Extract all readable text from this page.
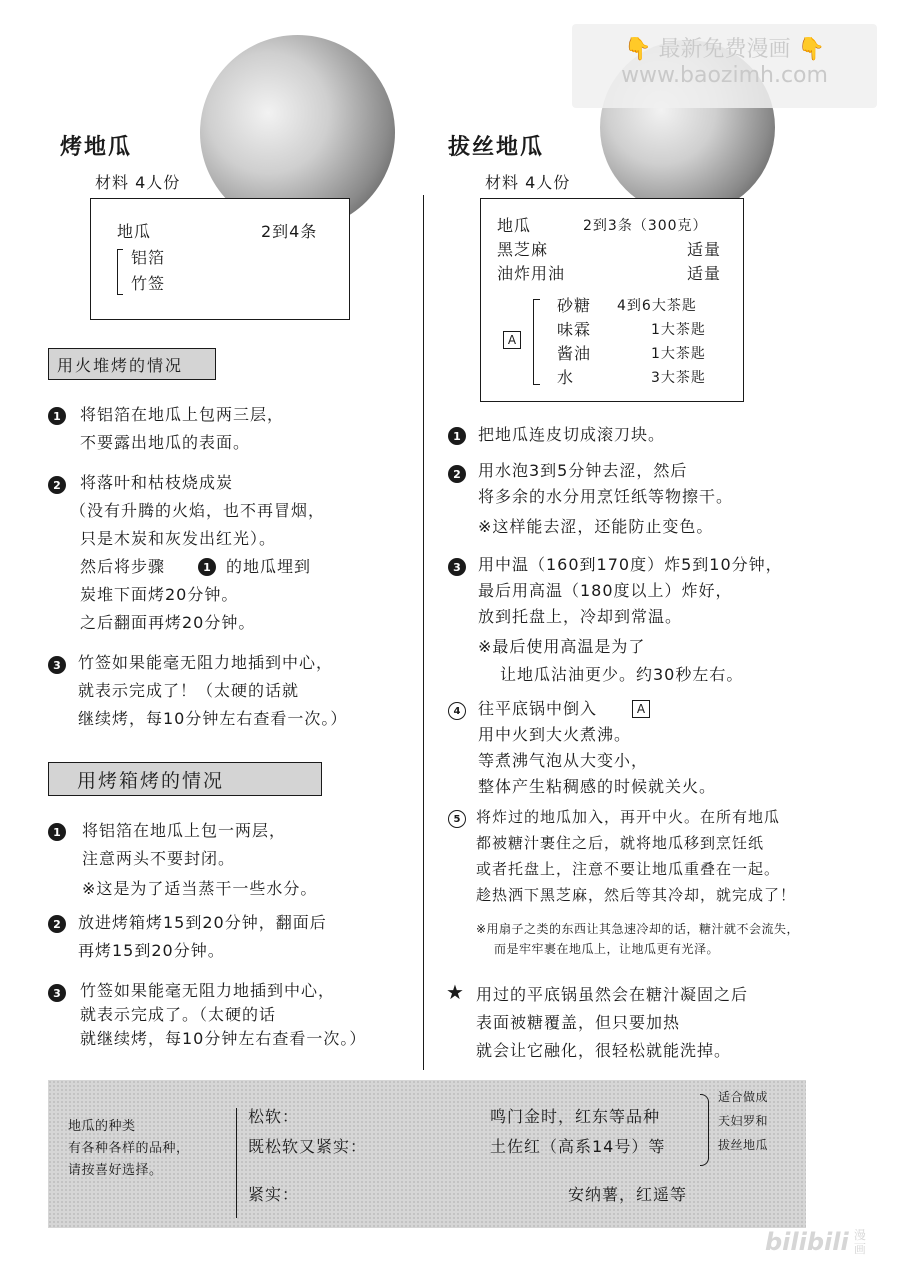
👇 最新免费漫画 👇
www.baozimh.com
烤地瓜
材料 4人份
地瓜	2到4条
铝箔
竹签
用火堆烤的情况
1	将铝箔在地瓜上包两三层，
不要露出地瓜的表面。
2	将落叶和枯枝烧成炭
（没有升腾的火焰，也不再冒烟，
只是木炭和灰发出红光）。
然后将步骤	1 的地瓜埋到
炭堆下面烤20分钟。
之后翻面再烤20分钟。
3	竹签如果能毫无阻力地插到中心，
就表示完成了！（太硬的话就
继续烤，每10分钟左右查看一次。）
用烤箱烤的情况
1	将铝箔在地瓜上包一两层，
注意两头不要封闭。
※这是为了适当蒸干一些水分。
2	放进烤箱烤15到20分钟，翻面后
再烤15到20分钟。
3	竹签如果能毫无阻力地插到中心，
就表示完成了。（太硬的话
就继续烤，每10分钟左右查看一次。）
拔丝地瓜
材料 4人份
地瓜	2到3条（300克）
黑芝麻	适量
油炸用油	适量
A
砂糖 4到6大茶匙
味霖	1大茶匙
酱油	1大茶匙
水	3大茶匙
1	把地瓜连皮切成滚刀块。
2	用水泡3到5分钟去涩，然后
将多余的水分用烹饪纸等物擦干。
※这样能去涩，还能防止变色。
3	用中温（160到170度）炸5到10分钟，
最后用高温（180度以上）炸好，
放到托盘上，冷却到常温。
※最后使用高温是为了
让地瓜沾油更少。约30秒左右。
4	往平底锅中倒入	A
用中火到大火煮沸。
等煮沸气泡从大变小，
整体产生粘稠感的时候就关火。
5	将炸过的地瓜加入，再开中火。在所有地瓜
都被糖汁裹住之后，就将地瓜移到烹饪纸
或者托盘上，注意不要让地瓜重叠在一起。
趁热洒下黑芝麻，然后等其冷却，就完成了！
※用扇子之类的东西让其急速冷却的话，糖汁就不会流失，
而是牢牢裹在地瓜上，让地瓜更有光泽。
★ 用过的平底锅虽然会在糖汁凝固之后
表面被糖覆盖，但只要加热
就会让它融化，很轻松就能洗掉。
地瓜的种类
有各种各样的品种，
请按喜好选择。
松软：	鸣门金时，红东等品种
既松软又紧实：	土佐红（高系14号）等
紧实：	安纳薯，红遥等
适合做成
天妇罗和
拔丝地瓜
bilibili 漫画
